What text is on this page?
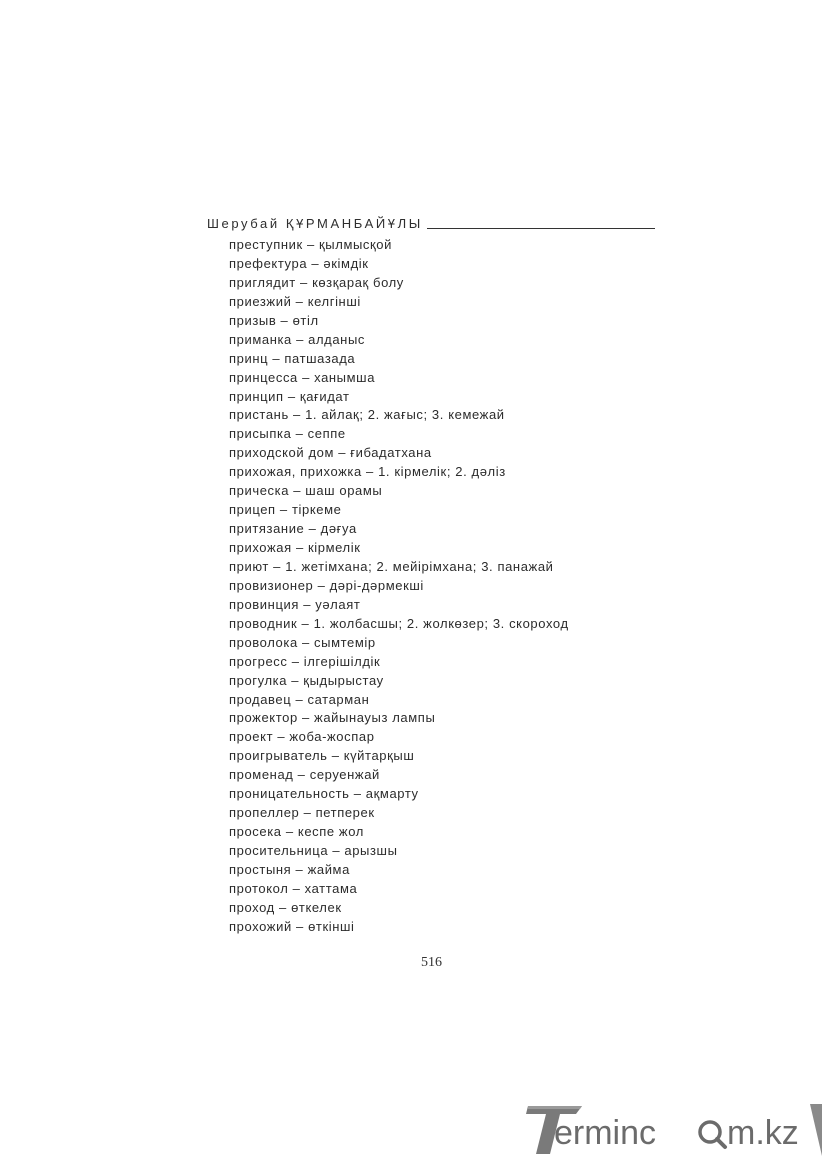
Шерубай ҚҰРМАНБАЙҰЛЫ
преступник – қылмысқой
префектура – әкімдік
приглядит – көзқарақ болу
приезжий – келгінші
призыв – өтіл
приманка – алданыс
принц – патшазада
принцесса – ханымша
принцип – қағидат
пристань – 1. айлақ; 2. жағыс; 3. кемежай
присыпка – сеппе
приходской дом – ғибадатхана
прихожая, прихожка – 1. кірмелік; 2. дәліз
прическа – шаш орамы
прицеп – тіркеме
притязание – дәғуа
прихожая – кірмелік
приют – 1. жетімхана; 2. мейірімхана; 3. панажай
провизионер – дәрі-дәрмекші
провинция – уәлаят
проводник – 1. жолбасшы; 2. жолкөзер; 3. скороход
проволока – сымтемір
прогресс – ілгерішілдік
прогулка – қыдырыстау
продавец – сатарман
прожектор – жайынауыз лампы
проект – жоба-жоспар
проигрыватель – күйтарқыш
променад – серуенжай
проницательность – ақмарту
пропеллер – петперек
просека – кеспе жол
просительница – арызшы
простыня – жайма
протокол – хаттама
проход – өткелек
прохожий – өткінші
516
erminc m.kz
